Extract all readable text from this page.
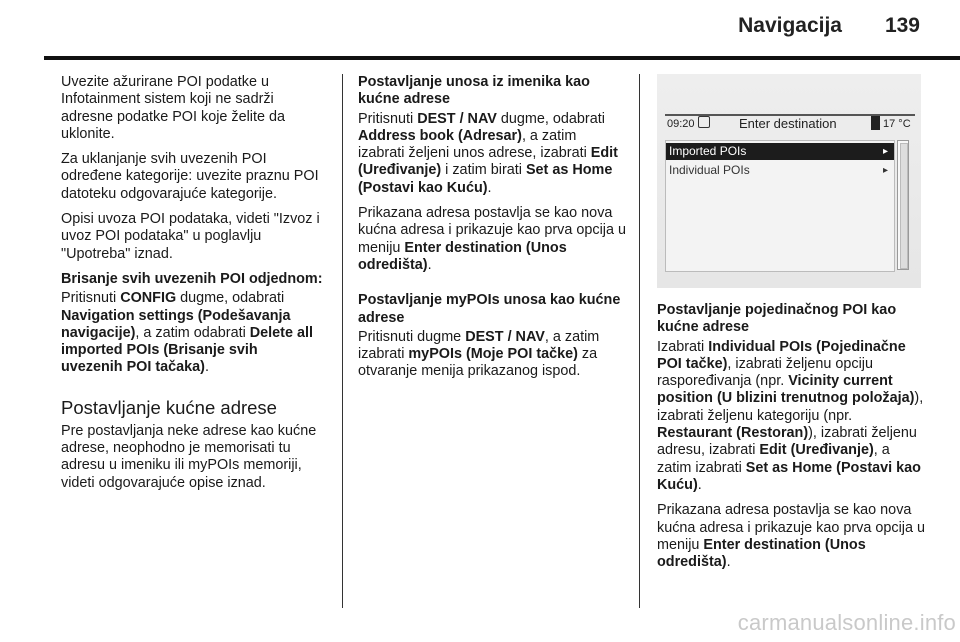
Navigacija 139

Uvezite ažurirane POI podatke u Infotainment sistem koji ne sadrži adresne podatke POI koje želite da uklonite.

Za uklanjanje svih uvezenih POI određene kategorije: uvezite praznu POI datoteku odgovarajuće kategorije.

Opisi uvoza POI podataka, videti "Izvoz i uvoz POI podataka" u poglavlju "Upotreba" iznad.

Brisanje svih uvezenih POI odjednom:

Pritisnuti CONFIG dugme, odabrati Navigation settings (Podešavanja navigacije), a zatim odabrati Delete all imported POIs (Brisanje svih uvezenih POI tačaka).

Postavljanje kućne adrese

Pre postavljanja neke adrese kao kućne adrese, neophodno je memorisati tu adresu u imeniku ili myPOIs memoriji, videti odgovarajuće opise iznad.

Postavljanje unosa iz imenika kao kućne adrese

Pritisnuti DEST / NAV dugme, odabrati Address book (Adresar), a zatim izabrati željeni unos adrese, izabrati Edit (Uređivanje) i zatim birati Set as Home (Postavi kao Kuću).

Prikazana adresa postavlja se kao nova kućna adresa i prikazuje kao prva opcija u meniju Enter destination (Unos odredišta).

Postavljanje myPOIs unosa kao kućne adrese

Pritisnuti dugme DEST / NAV, a zatim izabrati myPOIs (Moje POI tačke) za otvaranje menija prikazanog ispod.

09:20	Enter destination	17 °C
Imported POIs	▸
Individual POIs	▸

Postavljanje pojedinačnog POI kao kućne adrese

Izabrati Individual POIs (Pojedinačne POI tačke), izabrati željenu opciju raspoređivanja (npr. Vicinity current position (U blizini trenutnog položaja)), izabrati željenu kategoriju (npr. Restaurant (Restoran)), izabrati željenu adresu, izabrati Edit (Uređivanje), a zatim izabrati Set as Home (Postavi kao Kuću).

Prikazana adresa postavlja se kao nova kućna adresa i prikazuje kao prva opcija u meniju Enter destination (Unos odredišta).

carmanualsonline.info
